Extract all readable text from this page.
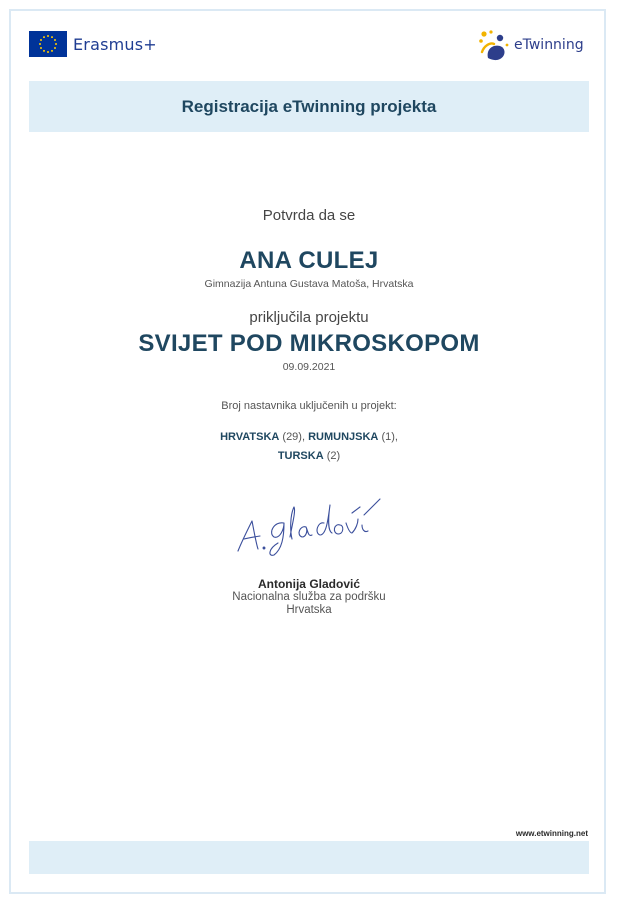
Erasmus+	eTwinning
Registracija eTwinning projekta
Potvrda da se
ANA CULEJ
Gimnazija Antuna Gustava Matoša, Hrvatska
priključila projektu
SVIJET POD MIKROSKOPOM
09.09.2021
Broj nastavnika uključenih u projekt:
HRVATSKA (29), RUMUNJSKA (1),
TURSKA (2)
Antonija Gladović
Nacionalna služba za podršku
Hrvatska
www.etwinning.net
